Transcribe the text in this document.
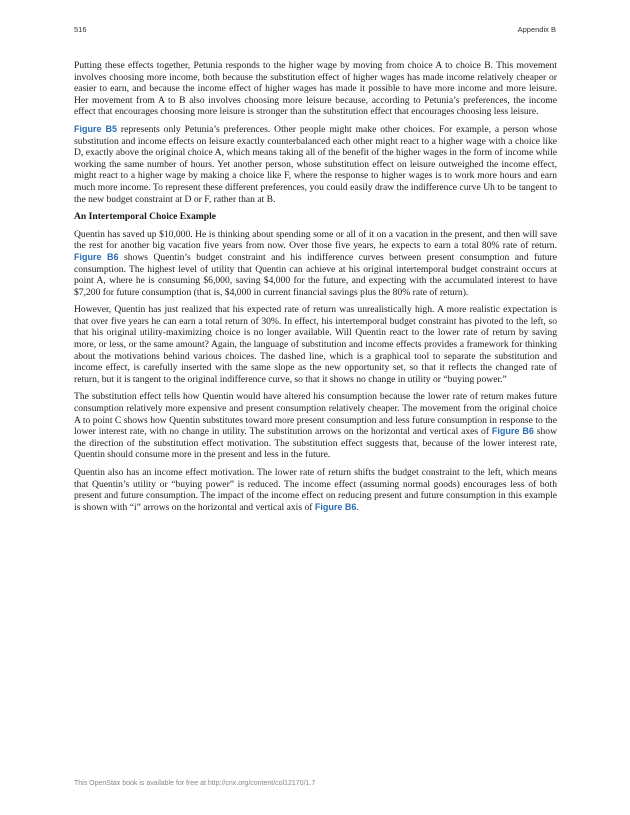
516	Appendix B

Putting these effects together, Petunia responds to the higher wage by moving from choice A to choice B. This movement involves choosing more income, both because the substitution effect of higher wages has made income relatively cheaper or easier to earn, and because the income effect of higher wages has made it possible to have more income and more leisure. Her movement from A to B also involves choosing more leisure because, according to Petunia’s preferences, the income effect that encourages choosing more leisure is stronger than the substitution effect that encourages choosing less leisure.

Figure B5 represents only Petunia’s preferences. Other people might make other choices. For example, a person whose substitution and income effects on leisure exactly counterbalanced each other might react to a higher wage with a choice like D, exactly above the original choice A, which means taking all of the benefit of the higher wages in the form of income while working the same number of hours. Yet another person, whose substitution effect on leisure outweighed the income effect, might react to a higher wage by making a choice like F, where the response to higher wages is to work more hours and earn much more income. To represent these different preferences, you could easily draw the indifference curve Uh to be tangent to the new budget constraint at D or F, rather than at B.

An Intertemporal Choice Example

Quentin has saved up $10,000. He is thinking about spending some or all of it on a vacation in the present, and then will save the rest for another big vacation five years from now. Over those five years, he expects to earn a total 80% rate of return. Figure B6 shows Quentin’s budget constraint and his indifference curves between present consumption and future consumption. The highest level of utility that Quentin can achieve at his original intertemporal budget constraint occurs at point A, where he is consuming $6,000, saving $4,000 for the future, and expecting with the accumulated interest to have $7,200 for future consumption (that is, $4,000 in current financial savings plus the 80% rate of return).

However, Quentin has just realized that his expected rate of return was unrealistically high. A more realistic expectation is that over five years he can earn a total return of 30%. In effect, his intertemporal budget constraint has pivoted to the left, so that his original utility-maximizing choice is no longer available. Will Quentin react to the lower rate of return by saving more, or less, or the same amount? Again, the language of substitution and income effects provides a framework for thinking about the motivations behind various choices. The dashed line, which is a graphical tool to separate the substitution and income effect, is carefully inserted with the same slope as the new opportunity set, so that it reflects the changed rate of return, but it is tangent to the original indifference curve, so that it shows no change in utility or “buying power.”

The substitution effect tells how Quentin would have altered his consumption because the lower rate of return makes future consumption relatively more expensive and present consumption relatively cheaper. The movement from the original choice A to point C shows how Quentin substitutes toward more present consumption and less future consumption in response to the lower interest rate, with no change in utility. The substitution arrows on the horizontal and vertical axes of Figure B6 show the direction of the substitution effect motivation. The substitution effect suggests that, because of the lower interest rate, Quentin should consume more in the present and less in the future.

Quentin also has an income effect motivation. The lower rate of return shifts the budget constraint to the left, which means that Quentin’s utility or “buying power” is reduced. The income effect (assuming normal goods) encourages less of both present and future consumption. The impact of the income effect on reducing present and future consumption in this example is shown with “i” arrows on the horizontal and vertical axis of Figure B6.

This OpenStax book is available for free at http://cnx.org/content/col12170/1.7
